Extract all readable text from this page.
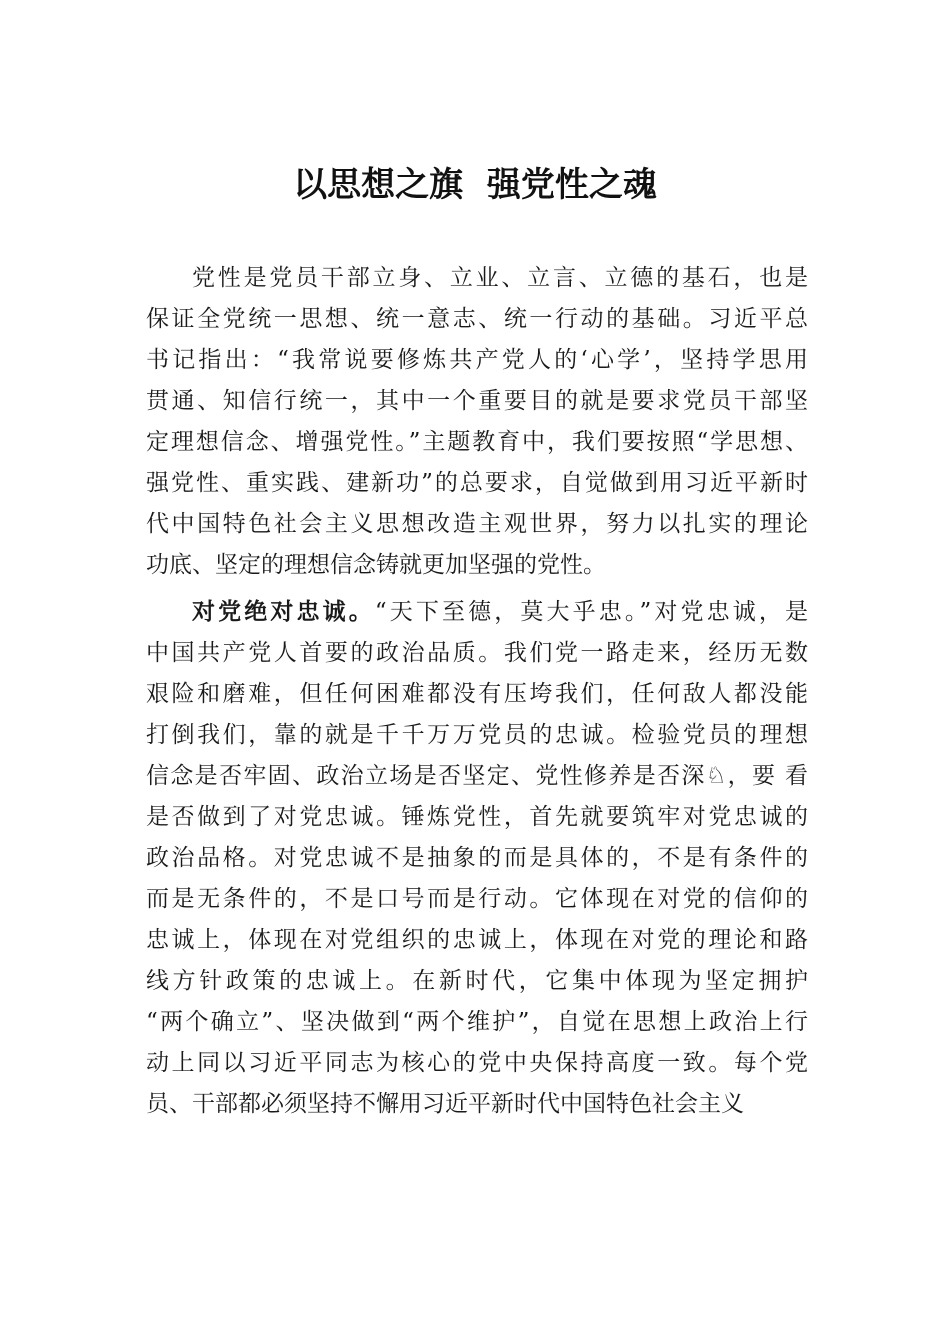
以思想之旗  强党性之魂
党性是党员干部立身、立业、立言、立德的基石，也是
保证全党统一思想、统一意志、统一行动的基础。习近平总
书记指出：“我常说要修炼共产党人的‘心学’，坚持学思用
贯通、知信行统一，其中一个重要目的就是要求党员干部坚
定理想信念、增强党性。”主题教育中，我们要按照“学思想、
强党性、重实践、建新功”的总要求，自觉做到用习近平新时
代中国特色社会主义思想改造主观世界，努力以扎实的理论
功底、坚定的理想信念铸就更加坚强的党性。
对党绝对忠诚。“天下至德，莫大乎忠。”对党忠诚，是
中国共产党人首要的政治品质。我们党一路走来，经历无数
艰险和磨难，但任何困难都没有压垮我们，任何敌人都没能
打倒我们，靠的就是千千万万党员的忠诚。检验党员的理想
信念是否牢固、政治立场是否坚定、党性修养是否深♘，要 看
是否做到了对党忠诚。锤炼党性，首先就要筑牢对党忠诚的
政治品格。对党忠诚不是抽象的而是具体的，不是有条件的
而是无条件的，不是口号而是行动。它体现在对党的信仰的
忠诚上，体现在对党组织的忠诚上，体现在对党的理论和路
线方针政策的忠诚上。在新时代，它集中体现为坚定拥护
“两个确立”、坚决做到“两个维护”，自觉在思想上政治上行
动上同以习近平同志为核心的党中央保持高度一致。每个党
员、干部都必须坚持不懈用习近平新时代中国特色社会主义
